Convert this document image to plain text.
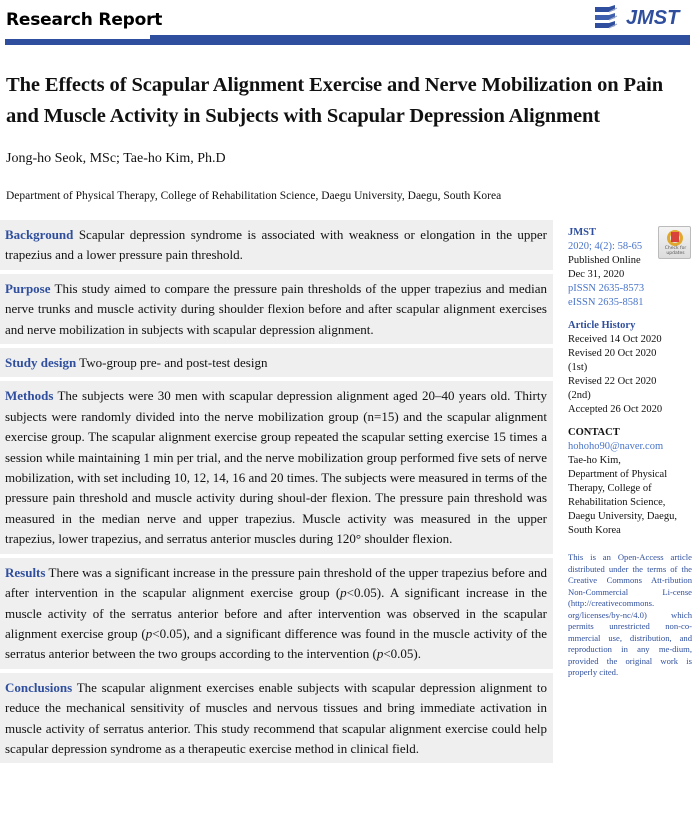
Research Report	JMST
The Effects of Scapular Alignment Exercise and Nerve Mobilization on Pain and Muscle Activity in Subjects with Scapular Depression Alignment
Jong-ho Seok, MSc; Tae-ho Kim, Ph.D
Department of Physical Therapy, College of Rehabilitation Science, Daegu University, Daegu, South Korea
Background Scapular depression syndrome is associated with weakness or elongation in the upper trapezius and a lower pressure pain threshold.
Purpose This study aimed to compare the pressure pain thresholds of the upper trapezius and median nerve trunks and muscle activity during shoulder flexion before and after scapular alignment exercises and nerve mobilization in subjects with scapular depression alignment.
Study design Two-group pre- and post-test design
Methods The subjects were 30 men with scapular depression alignment aged 20–40 years old. Thirty subjects were randomly divided into the nerve mobilization group (n=15) and the scapular alignment exercise group. The scapular alignment exercise group repeated the scapular setting exercise 15 times a session while maintaining 1 min per trial, and the nerve mobilization group performed five sets of nerve mobilization, with set including 10, 12, 14, 16 and 20 times. The subjects were measured in terms of the pressure pain threshold and muscle activity during shoul-der flexion. The pressure pain threshold was measured in the median nerve and upper trapezius. Muscle activity was measured in the upper trapezius, lower trapezius, and serratus anterior muscles during 120° shoulder flexion.
Results There was a significant increase in the pressure pain threshold of the upper trapezius before and after intervention in the scapular alignment exercise group (p<0.05). A significant increase in the muscle activity of the serratus anterior before and after intervention was observed in the scapular alignment exercise group (p<0.05), and a significant difference was found in the muscle activity of the serratus anterior between the two groups according to the intervention (p<0.05).
Conclusions The scapular alignment exercises enable subjects with scapular depression alignment to reduce the mechanical sensitivity of muscles and nervous tissues and bring immediate activation in muscle activity of serratus anterior. This study recommend that scapular alignment exercise could help scapular depression syndrome as a therapeutic exercise method in clinical field.
Check for updates
JMST
2020; 4(2): 58-65
Published Online
Dec 31, 2020
pISSN 2635-8573
eISSN 2635-8581
Article History
Received 14 Oct 2020
Revised 20 Oct 2020
(1st)
Revised 22 Oct 2020
(2nd)
Accepted 26 Oct 2020
CONTACT
hohoho90@naver.com
Tae-ho Kim,
Department of Physical
Therapy, College of
Rehabilitation Science,
Daegu University, Daegu,
South Korea
This is an Open-Access article distributed under the terms of the Creative Commons Att-ribution Non-Commercial Li-cense (http://creativecommons. org/licenses/by-nc/4.0) which permits unrestricted non-co-mmercial use, distribution, and reproduction in any me-dium, provided the original work is properly cited.
